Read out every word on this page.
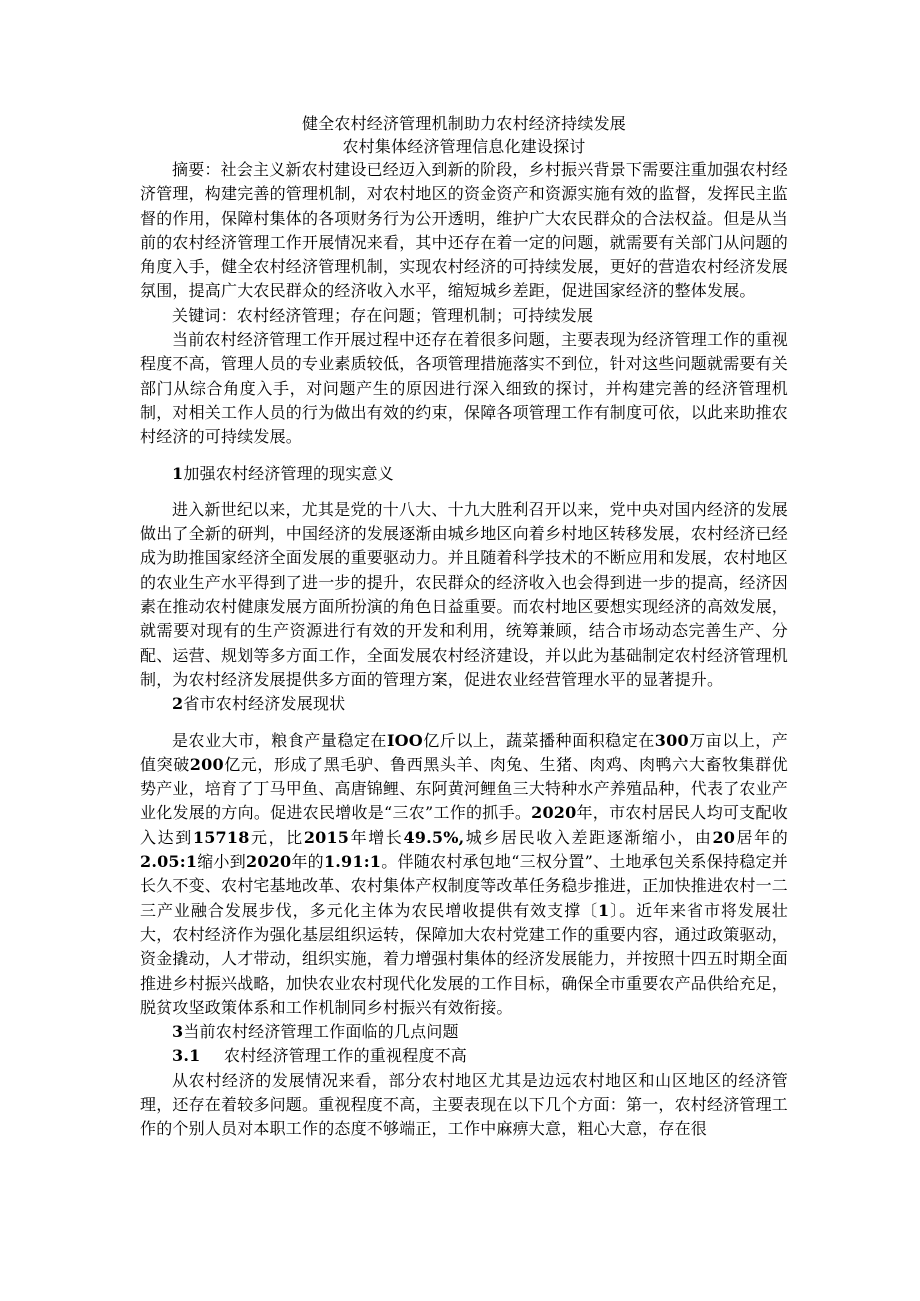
健全农村经济管理机制助力农村经济持续发展

农村集体经济管理信息化建设探讨

摘要：社会主义新农村建设已经迈入到新的阶段，乡村振兴背景下需要注重加强农村经济管理，构建完善的管理机制，对农村地区的资金资产和资源实施有效的监督，发挥民主监督的作用，保障村集体的各项财务行为公开透明，维护广大农民群众的合法权益。但是从当前的农村经济管理工作开展情况来看，其中还存在着一定的问题，就需要有关部门从问题的角度入手，健全农村经济管理机制，实现农村经济的可持续发展，更好的营造农村经济发展氛围，提高广大农民群众的经济收入水平，缩短城乡差距，促进国家经济的整体发展。

关键词：农村经济管理；存在问题；管理机制；可持续发展

当前农村经济管理工作开展过程中还存在着很多问题，主要表现为经济管理工作的重视程度不高，管理人员的专业素质较低，各项管理措施落实不到位，针对这些问题就需要有关部门从综合角度入手，对问题产生的原因进行深入细致的探讨，并构建完善的经济管理机制，对相关工作人员的行为做出有效的约束，保障各项管理工作有制度可依，以此来助推农村经济的可持续发展。

1加强农村经济管理的现实意义

进入新世纪以来，尤其是党的十八大、十九大胜利召开以来，党中央对国内经济的发展做出了全新的研判，中国经济的发展逐渐由城乡地区向着乡村地区转移发展，农村经济已经成为助推国家经济全面发展的重要驱动力。并且随着科学技术的不断应用和发展，农村地区的农业生产水平得到了进一步的提升，农民群众的经济收入也会得到进一步的提高，经济因素在推动农村健康发展方面所扮演的角色日益重要。而农村地区要想实现经济的高效发展，就需要对现有的生产资源进行有效的开发和利用，统筹兼顾，结合市场动态完善生产、分配、运营、规划等多方面工作，全面发展农村经济建设，并以此为基础制定农村经济管理机制，为农村经济发展提供多方面的管理方案，促进农业经营管理水平的显著提升。

2省市农村经济发展现状

是农业大市，粮食产量稳定在IOO亿斤以上，蔬菜播种面积稳定在300万亩以上，产值突破200亿元，形成了黑毛驴、鲁西黑头羊、肉兔、生猪、肉鸡、肉鸭六大畜牧集群优势产业，培育了丁马甲鱼、高唐锦鲤、东阿黄河鲤鱼三大特种水产养殖品种，代表了农业产业化发展的方向。促进农民增收是“三农”工作的抓手。2020年，市农村居民人均可支配收入达到15718元，比2015年增长49.5%,城乡居民收入差距逐渐缩小，由20居年的2.05:1缩小到2020年的1.91:1。伴随农村承包地“三权分置”、土地承包关系保持稳定并长久不变、农村宅基地改革、农村集体产权制度等改革任务稳步推进，正加快推进农村一二三产业融合发展步伐，多元化主体为农民增收提供有效支撑〔1〕。近年来省市将发展壮大，农村经济作为强化基层组织运转，保障加大农村党建工作的重要内容，通过政策驱动，资金撬动，人才带动，组织实施，着力增强村集体的经济发展能力，并按照十四五时期全面推进乡村振兴战略，加快农业农村现代化发展的工作目标，确保全市重要农产品供给充足，脱贫攻坚政策体系和工作机制同乡村振兴有效衔接。

3当前农村经济管理工作面临的几点问题

3.1 农村经济管理工作的重视程度不高

从农村经济的发展情况来看，部分农村地区尤其是边远农村地区和山区地区的经济管理，还存在着较多问题。重视程度不高，主要表现在以下几个方面：第一，农村经济管理工作的个别人员对本职工作的态度不够端正，工作中麻痹大意，粗心大意，存在很
